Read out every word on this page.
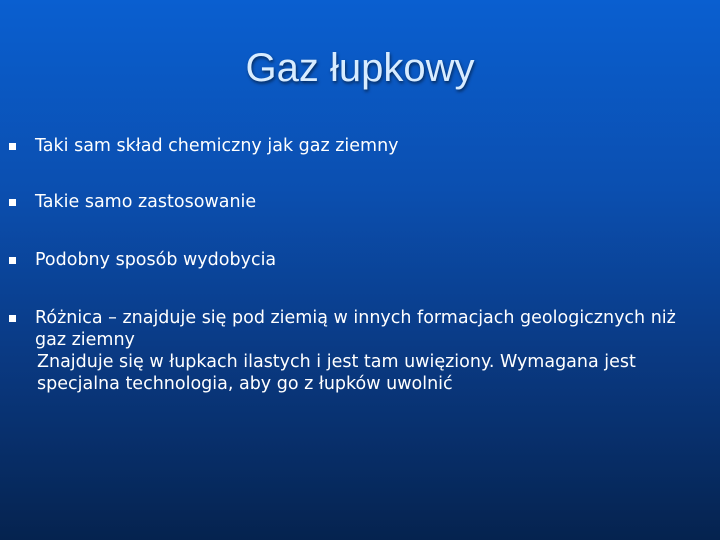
Gaz łupkowy
Taki sam skład chemiczny jak gaz ziemny
Takie samo zastosowanie
Podobny sposób wydobycia
Różnica – znajduje się pod ziemią w innych formacjach geologicznych niż gaz ziemny
Znajduje się w łupkach ilastych i jest tam uwięziony. Wymagana jest specjalna technologia, aby go z łupków uwolnić
